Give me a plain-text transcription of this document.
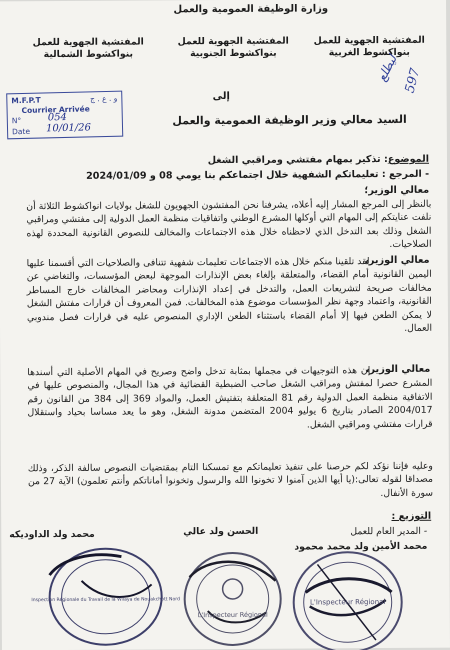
وزارة الوظيفة العمومية والعمل
المفتشية الجهوية للعمل بنواكشوط الغربية
المفتشية الجهوية للعمل بنواكشوط الجنوبية
المفتشية الجهوية للعمل بنواكشوط الشمالية
M.F.P.T	و . ع . ج
Courrier Arrivée
N°	054
Date 10/01/26
ليطلع 597
إلى
السيد معالي وزير الوظيفة العمومية والعمل
الموضوع: تذكير بمهام مفتشي ومراقبي الشغل
- المرجع : تعليماتكم الشفهية خلال اجتماعكم بنا يومي 08 و 2024/01/09
معالي الوزير؛
بالنظر إلى المرجع المشار إليه أعلاه، يشرفنا نحن المفتشون الجهويون للشغل بولايات انواكشوط الثلاثة أن نلفت عنايتكم إلى المهام التي أوكلها المشرع الوطني واتفاقيات منظمة العمل الدولية إلى مفتشي ومراقبي الشغل وذلك بعد التدخل الذي لاحظناه خلال هذه الاجتماعات والمخالف للنصوص القانونية المحددة لهذه الصلاحيات.
معالي الوزير،
لقد تلقينا منكم خلال هذه الاجتماعات تعليمات شفهية تتنافى والصلاحيات التي أقسمنا عليها اليمين القانونية أمام القضاء، والمتعلقة بإلغاء بعض الإنذارات الموجهة لبعض المؤسسات، والتغاضي عن مخالفات صريحة لتشريعات العمل، والتدخل في إعداد الإنذارات ومحاضر المخالفات خارج المساطر القانونية، واعتماد وجهة نظر المؤسسات موضوع هذه المخالفات. فمن المعروف أن قرارات مفتش الشغل لا يمكن الطعن فيها إلا أمام القضاء باستثناء الطعن الإداري المنصوص عليه في قرارات فصل مندوبي العمال.
معالي الوزير،
إن هذه التوجيهات في مجملها بمثابة تدخل واضح وصريح في المهام الأصلية التي أسندها المشرع حصرا لمفتش ومراقب الشغل صاحب الضبطية القضائية في هذا المجال، والمنصوص عليها في الاتفاقية منظمة العمل الدولية رقم 81 المتعلقة بتفتيش العمل، والمواد 369 إلى 384 من القانون رقم 2004/017 الصادر بتاريخ 6 يوليو 2004 المتضمن مدونة الشغل، وهو ما يعد مساسا بحياد واستقلال قرارات مفتشي ومراقبي الشغل.
وعليه فإننا نؤكد لكم حرصنا على تنفيذ تعليماتكم مع تمسكنا التام بمقتضيات النصوص سالفة الذكر، وذلك مصداقا لقوله تعالى:(يا أيها الذين آمنوا لا تخونوا الله والرسول وتخونوا أماناتكم وأنتم تعلمون) الآية 27 من سورة الأنفال.
التوزيع :
- المدير العام للعمل
محمد الأمين ولد محمد محمود
الحسن ولد عالي
محمد ولد الداوديكه
L'Inspecteur Régional
L'Inspecteur Régional
Inspection Régionale du Travail de la Wilaya de Nouakchott Nord
